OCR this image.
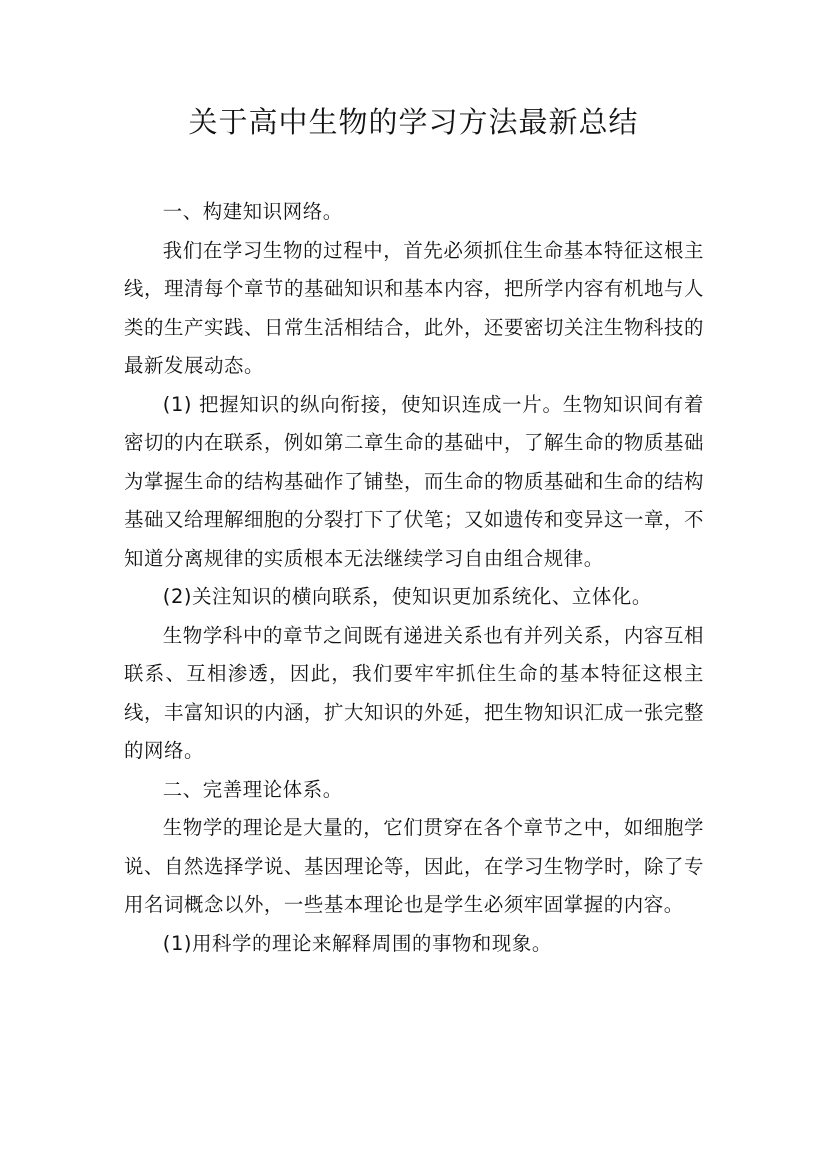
关于高中生物的学习方法最新总结

一、构建知识网络。

我们在学习生物的过程中，首先必须抓住生命基本特征这根主线，理清每个章节的基础知识和基本内容，把所学内容有机地与人类的生产实践、日常生活相结合，此外，还要密切关注生物科技的最新发展动态。

(1) 把握知识的纵向衔接，使知识连成一片。生物知识间有着密切的内在联系，例如第二章生命的基础中，了解生命的物质基础为掌握生命的结构基础作了铺垫，而生命的物质基础和生命的结构基础又给理解细胞的分裂打下了伏笔；又如遗传和变异这一章，不知道分离规律的实质根本无法继续学习自由组合规律。

(2)关注知识的横向联系，使知识更加系统化、立体化。

生物学科中的章节之间既有递进关系也有并列关系，内容互相联系、互相渗透，因此，我们要牢牢抓住生命的基本特征这根主线，丰富知识的内涵，扩大知识的外延，把生物知识汇成一张完整的网络。

二、完善理论体系。

生物学的理论是大量的，它们贯穿在各个章节之中，如细胞学说、自然选择学说、基因理论等，因此，在学习生物学时，除了专用名词概念以外，一些基本理论也是学生必须牢固掌握的内容。

(1)用科学的理论来解释周围的事物和现象。
